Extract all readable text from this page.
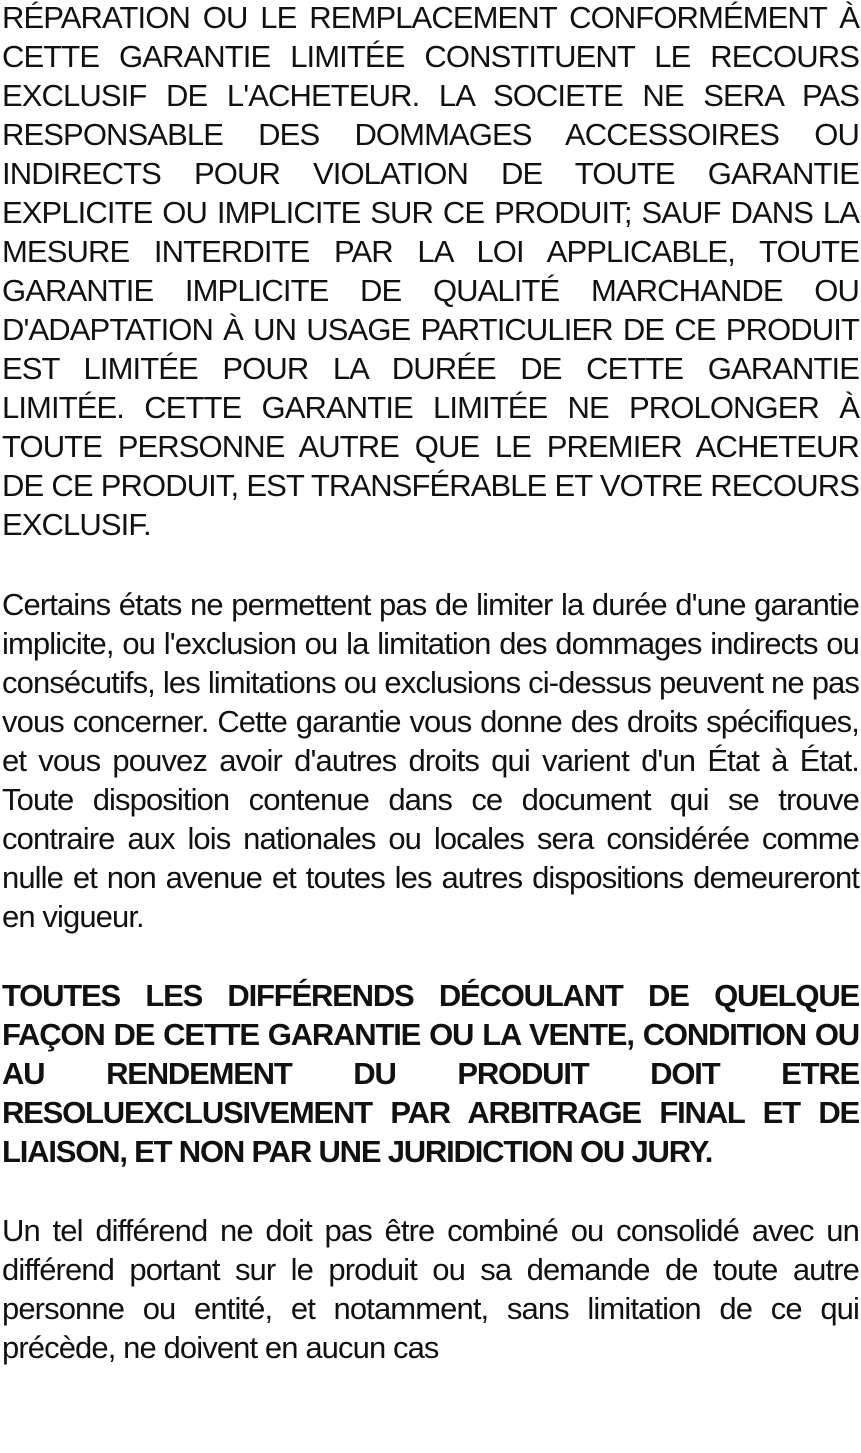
RÉPARATION OU LE REMPLACEMENT CONFORMÉMENT À CETTE GARANTIE LIMITÉE CONSTITUENT LE RECOURS EXCLUSIF DE L'ACHETEUR. LA SOCIETE NE SERA PAS RESPONSABLE DES DOMMAGES ACCESSOIRES OU INDIRECTS POUR VIOLATION DE TOUTE GARANTIE EXPLICITE OU IMPLICITE SUR CE PRODUIT; SAUF DANS LA MESURE INTERDITE PAR LA LOI APPLICABLE, TOUTE GARANTIE IMPLICITE DE QUALITÉ MARCHANDE OU D'ADAPTATION À UN USAGE PARTICULIER DE CE PRODUIT EST LIMITÉE POUR LA DURÉE DE CETTE GARANTIE LIMITÉE. CETTE GARANTIE LIMITÉE NE PROLONGER À TOUTE PERSONNE AUTRE QUE LE PREMIER ACHETEUR DE CE PRODUIT, EST TRANSFÉRABLE ET VOTRE RECOURS EXCLUSIF.

Certains états ne permettent pas de limiter la durée d'une garantie implicite, ou l'exclusion ou la limitation des dommages indirects ou consécutifs, les limitations ou exclusions ci-dessus peuvent ne pas vous concerner. Cette garantie vous donne des droits spécifiques, et vous pouvez avoir d'autres droits qui varient d'un État à État. Toute disposition contenue dans ce document qui se trouve contraire aux lois nationales ou locales sera considérée comme nulle et non avenue et toutes les autres dispositions demeureront en vigueur.

TOUTES LES DIFFÉRENDS DÉCOULANT DE QUELQUE FAÇON DE CETTE GARANTIE OU LA VENTE, CONDITION OU AU RENDEMENT DU PRODUIT DOIT ETRE RESOLUEXCLUSIVEMENT PAR ARBITRAGE FINAL ET DE LIAISON, ET NON PAR UNE JURIDICTION OU JURY.

Un tel différend ne doit pas être combiné ou consolidé avec un différend portant sur le produit ou sa demande de toute autre personne ou entité, et notamment, sans limitation de ce qui précède, ne doivent en aucun cas
